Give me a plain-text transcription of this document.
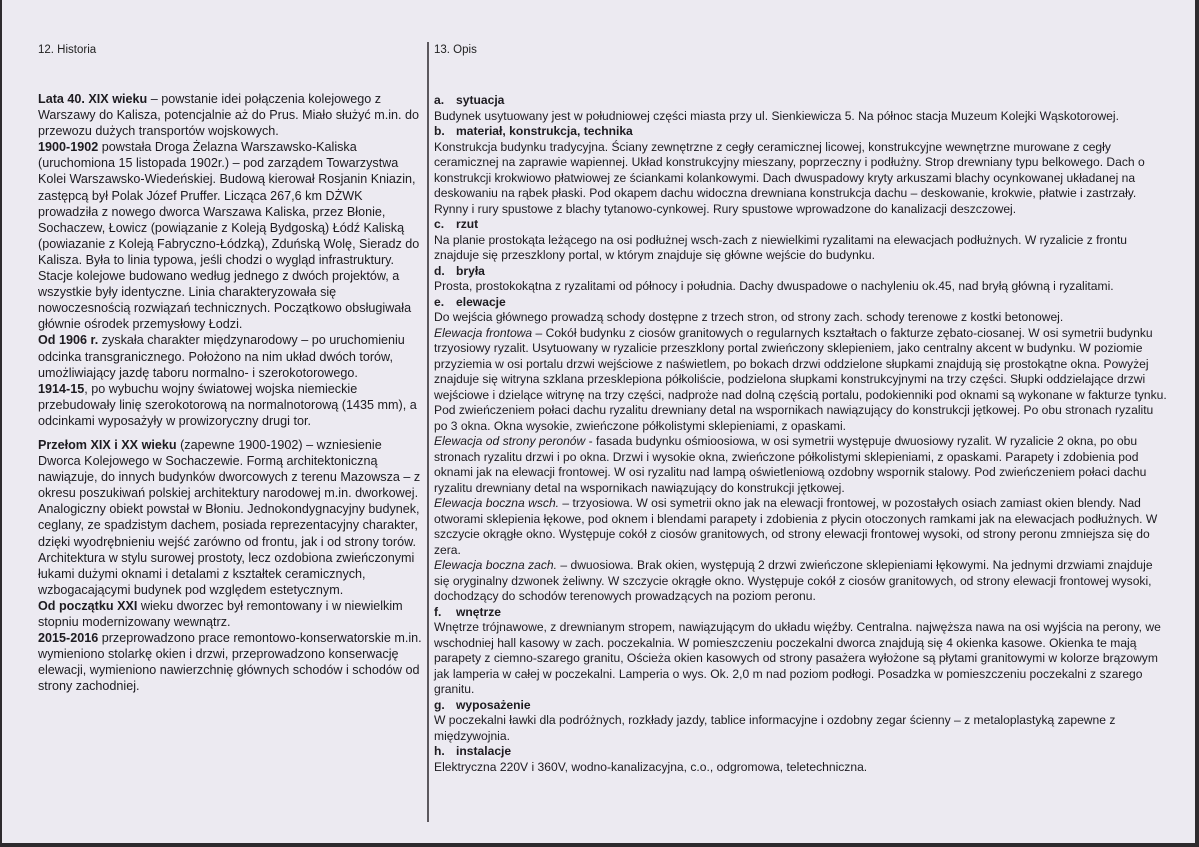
12. Historia	13. Opis

Lata 40. XIX wieku – powstanie idei połączenia kolejowego z Warszawy do Kalisza, potencjalnie aż do Prus. Miało służyć m.in. do przewozu dużych transportów wojskowych.

1900-1902 powstała Droga Żelazna Warszawsko-Kaliska (uruchomiona 15 listopada 1902r.) – pod zarządem Towarzystwa Kolei Warszawsko-Wiedeńskiej. Budową kierował Rosjanin Kniazin, zastępcą był Polak Józef Pruffer. Licząca 267,6 km DŻWK prowadziła z nowego dworca Warszawa Kaliska, przez Błonie, Sochaczew, Łowicz (powiązanie z Koleją Bydgoską) Łódź Kaliską (powiazanie z Koleją Fabryczno-Łódzką), Zduńską Wolę, Sieradz do Kalisza. Była to linia typowa, jeśli chodzi o wygląd infrastruktury. Stacje kolejowe budowano według jednego z dwóch projektów, a wszystkie były identyczne. Linia charakteryzowała się nowoczesnością rozwiązań technicznych. Początkowo obsługiwała głównie ośrodek przemysłowy Łodzi.

Od 1906 r. zyskała charakter międzynarodowy – po uruchomieniu odcinka transgranicznego. Położono na nim układ dwóch torów, umożliwiający jazdę taboru normalno- i szerokotorowego.

1914-15, po wybuchu wojny światowej wojska niemieckie przebudowały linię szerokotorową na normalnotorową (1435 mm), a odcinkami wyposażyły w prowizoryczny drugi tor.

Przełom XIX i XX wieku (zapewne 1900-1902) – wzniesienie Dworca Kolejowego w Sochaczewie. Formą architektoniczną nawiązuje, do innych budynków dworcowych z terenu Mazowsza – z okresu poszukiwań polskiej architektury narodowej m.in. dworkowej. Analogiczny obiekt powstał w Błoniu. Jednokondygnacyjny budynek, ceglany, ze spadzistym dachem, posiada reprezentacyjny charakter, dzięki wyodrębnieniu wejść zarówno od frontu, jak i od strony torów. Architektura w stylu surowej prostoty, lecz ozdobiona zwieńczonymi łukami dużymi oknami i detalami z kształtek ceramicznych, wzbogacającymi budynek pod względem estetycznym.

Od początku XXI wieku dworzec był remontowany i w niewielkim stopniu modernizowany wewnątrz.

2015-2016 przeprowadzono prace remontowo-konserwatorskie m.in. wymieniono stolarkę okien i drzwi, przeprowadzono konserwację elewacji, wymieniono nawierzchnię głównych schodów i schodów od strony zachodniej.

a. sytuacja

Budynek usytuowany jest w południowej części miasta przy ul. Sienkiewicza 5. Na północ stacja Muzeum Kolejki Wąskotorowej.

b. materiał, konstrukcja, technika

Konstrukcja budynku tradycyjna. Ściany zewnętrzne z cegły ceramicznej licowej, konstrukcyjne wewnętrzne murowane z cegły ceramicznej na zaprawie wapiennej. Układ konstrukcyjny mieszany, poprzeczny i podłużny. Strop drewniany typu belkowego. Dach o konstrukcji krokwiowo płatwiowej ze ściankami kolankowymi. Dach dwuspadowy kryty arkuszami blachy ocynkowanej układanej na deskowaniu na rąbek płaski. Pod okapem dachu widoczna drewniana konstrukcja dachu – deskowanie, krokwie, płatwie i zastrzały. Rynny i rury spustowe z blachy tytanowo-cynkowej. Rury spustowe wprowadzone do kanalizacji deszczowej.

c. rzut

Na planie prostokąta leżącego na osi podłużnej wsch-zach z niewielkimi ryzalitami na elewacjach podłużnych. W ryzalicie z frontu znajduje się przeszklony portal, w którym znajduje się główne wejście do budynku.

d. bryła

Prosta, prostokokątna z ryzalitami od północy i południa. Dachy dwuspadowe o nachyleniu ok.45, nad bryłą główną i ryzalitami.

e. elewacje

Do wejścia głównego prowadzą schody dostępne z trzech stron, od strony zach. schody terenowe z kostki betonowej.

Elewacja frontowa – Cokół budynku z ciosów granitowych o regularnych kształtach o fakturze zębato-ciosanej. W osi symetrii budynku trzyosiowy ryzalit. Usytuowany w ryzalicie przeszklony portal zwieńczony sklepieniem, jako centralny akcent w budynku. W poziomie przyziemia w osi portalu drzwi wejściowe z naświetlem, po bokach drzwi oddzielone słupkami znajdują się prostokątne okna. Powyżej znajduje się witryna szklana przesklepiona półkoliście, podzielona słupkami konstrukcyjnymi na trzy części. Słupki oddzielające drzwi wejściowe i dzielące witrynę na trzy części, nadproże nad dolną częścią portalu, podokienniki pod oknami są wykonane w fakturze tynku. Pod zwieńczeniem połaci dachu ryzalitu drewniany detal na wspornikach nawiązujący do konstrukcji jętkowej. Po obu stronach ryzalitu po 3 okna. Okna wysokie, zwieńczone półkolistymi sklepieniami, z opaskami.

Elewacja od strony peronów - fasada budynku ośmioosiowa, w osi symetrii występuje dwuosiowy ryzalit. W ryzalicie 2 okna, po obu stronach ryzalitu drzwi i po okna. Drzwi i wysokie okna, zwieńczone półkolistymi sklepieniami, z opaskami. Parapety i zdobienia pod oknami jak na elewacji frontowej. W osi ryzalitu nad lampą oświetleniową ozdobny wspornik stalowy. Pod zwieńczeniem połaci dachu ryzalitu drewniany detal na wspornikach nawiązujący do konstrukcji jętkowej.

Elewacja boczna wsch. – trzyosiowa. W osi symetrii okno jak na elewacji frontowej, w pozostałych osiach zamiast okien blendy. Nad otworami sklepienia łękowe, pod oknem i blendami parapety i zdobienia z płycin otoczonych ramkami jak na elewacjach podłużnych. W szczycie okrągłe okno. Występuje cokół z ciosów granitowych, od strony elewacji frontowej wysoki, od strony peronu zmniejsza się do zera.

Elewacja boczna zach. – dwuosiowa. Brak okien, występują 2 drzwi zwieńczone sklepieniami łękowymi. Na jednymi drzwiami znajduje się oryginalny dzwonek żeliwny. W szczycie okrągłe okno. Występuje cokół z ciosów granitowych, od strony elewacji frontowej wysoki, dochodzący do schodów terenowych prowadzących na poziom peronu.

f. wnętrze

Wnętrze trójnawowe, z drewnianym stropem, nawiązującym do układu więźby. Centralna. najwęższa nawa na osi wyjścia na perony, we wschodniej hall kasowy w zach. poczekalnia. W pomieszczeniu poczekalni dworca znajdują się 4 okienka kasowe. Okienka te mają parapety z ciemno-szarego granitu, Ościeża okien kasowych od strony pasażera wyłożone są płytami granitowymi w kolorze brązowym jak lamperia w całej w poczekalni. Lamperia o wys. Ok. 2,0 m nad poziom podłogi. Posadzka w pomieszczeniu poczekalni z szarego granitu.

g. wyposażenie

W poczekalni ławki dla podróżnych, rozkłady jazdy, tablice informacyjne i ozdobny zegar ścienny – z metaloplastyką zapewne z międzywojnia.

h. instalacje

Elektryczna 220V i 360V, wodno-kanalizacyjna, c.o., odgromowa, teletechniczna.
